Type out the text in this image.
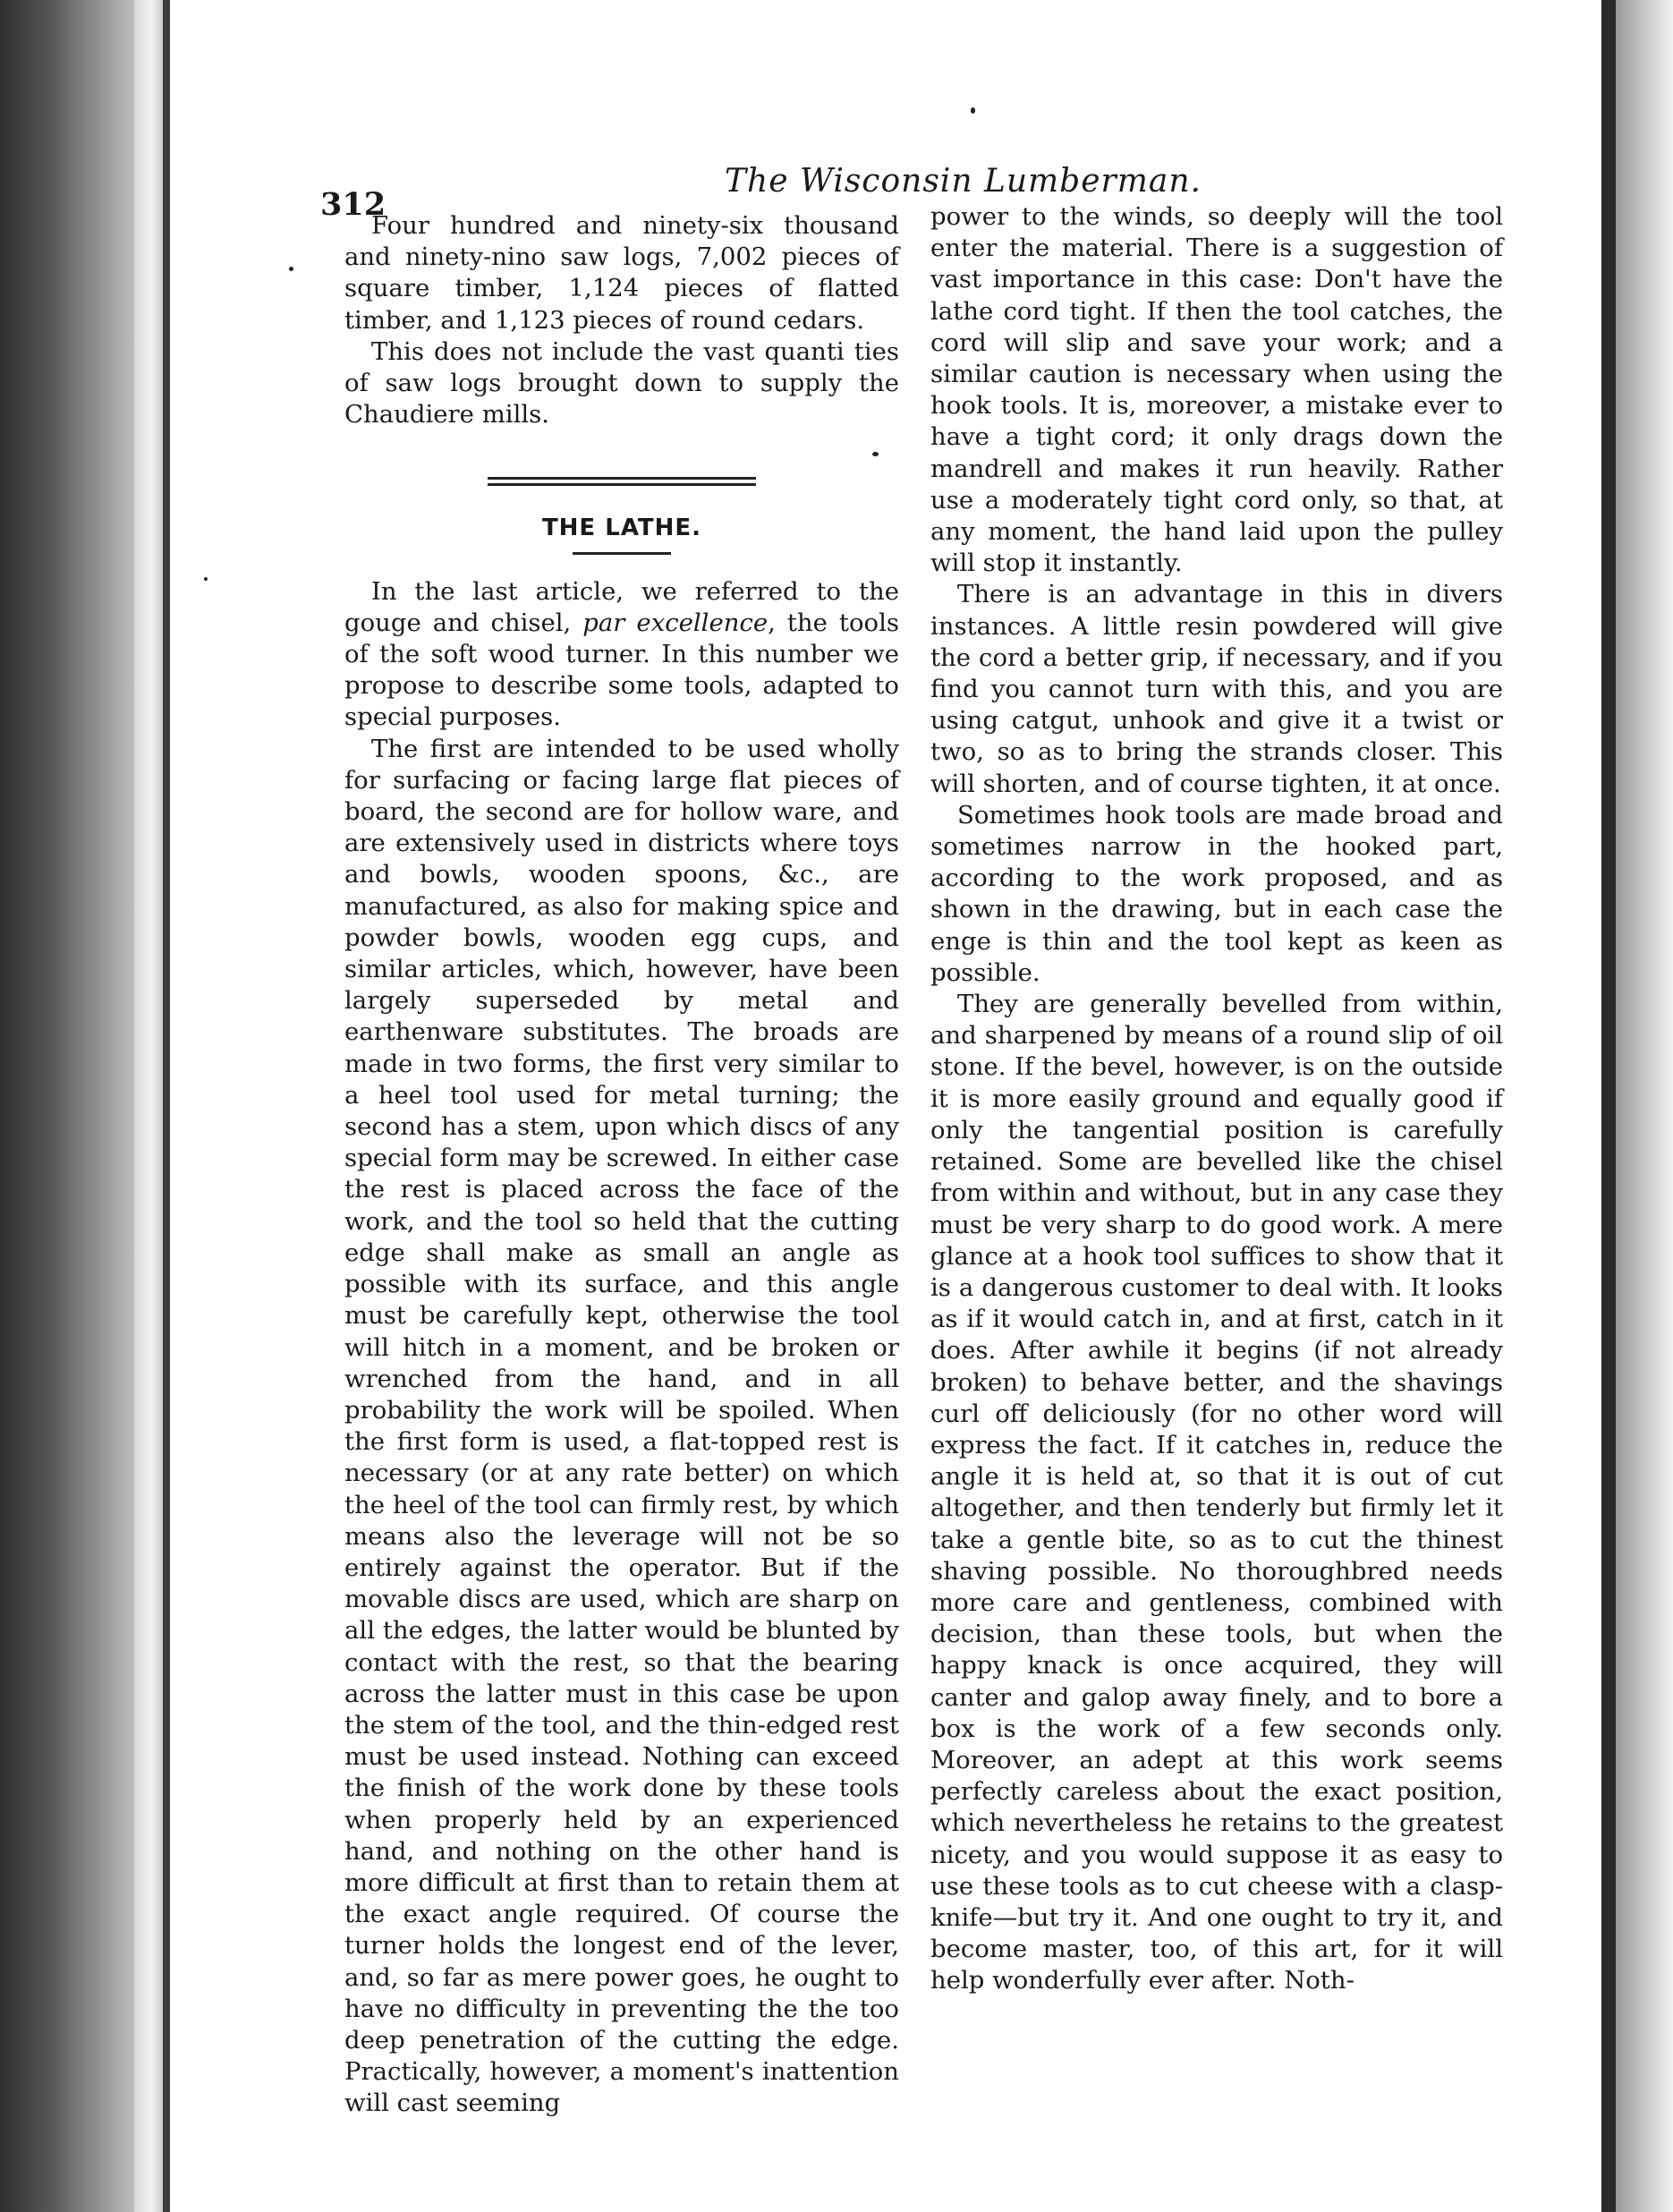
312
The Wisconsin Lumberman.

Four hundred and ninety-six thousand and ninety-nino saw logs, 7,002 pieces of square timber, 1,124 pieces of flatted timber, and 1,123 pieces of round cedars.

This does not include the vast quanti ties of saw logs brought down to supply the Chaudiere mills.

THE LATHE.

In the last article, we referred to the gouge and chisel, par excellence, the tools of the soft wood turner. In this number we propose to describe some tools, adapted to special purposes.

The first are intended to be used wholly for surfacing or facing large flat pieces of board, the second are for hollow ware, and are extensively used in districts where toys and bowls, wooden spoons, &c., are manufactured, as also for making spice and powder bowls, wooden egg cups, and similar articles, which, however, have been largely superseded by metal and earthenware substitutes. The broads are made in two forms, the first very similar to a heel tool used for metal turning; the second has a stem, upon which discs of any special form may be screwed. In either case the rest is placed across the face of the work, and the tool so held that the cutting edge shall make as small an angle as possible with its surface, and this angle must be carefully kept, otherwise the tool will hitch in a moment, and be broken or wrenched from the hand, and in all probability the work will be spoiled. When the first form is used, a flat-topped rest is necessary (or at any rate better) on which the heel of the tool can firmly rest, by which means also the leverage will not be so entirely against the operator. But if the movable discs are used, which are sharp on all the edges, the latter would be blunted by contact with the rest, so that the bearing across the latter must in this case be upon the stem of the tool, and the thin-edged rest must be used instead. Nothing can exceed the finish of the work done by these tools when properly held by an experienced hand, and nothing on the other hand is more difficult at first than to retain them at the exact angle required. Of course the turner holds the longest end of the lever, and, so far as mere power goes, he ought to have no difficulty in preventing the the too deep penetration of the cutting the edge. Practically, however, a moment's inattention will cast seeming

power to the winds, so deeply will the tool enter the material. There is a suggestion of vast importance in this case: Don't have the lathe cord tight. If then the tool catches, the cord will slip and save your work; and a similar caution is necessary when using the hook tools. It is, moreover, a mistake ever to have a tight cord; it only drags down the mandrell and makes it run heavily. Rather use a moderately tight cord only, so that, at any moment, the hand laid upon the pulley will stop it instantly.

There is an advantage in this in divers instances. A little resin powdered will give the cord a better grip, if necessary, and if you find you cannot turn with this, and you are using catgut, unhook and give it a twist or two, so as to bring the strands closer. This will shorten, and of course tighten, it at once.

Sometimes hook tools are made broad and sometimes narrow in the hooked part, according to the work proposed, and as shown in the drawing, but in each case the enge is thin and the tool kept as keen as possible.

They are generally bevelled from within, and sharpened by means of a round slip of oil stone. If the bevel, however, is on the outside it is more easily ground and equally good if only the tangential position is carefully retained. Some are bevelled like the chisel from within and without, but in any case they must be very sharp to do good work. A mere glance at a hook tool suffices to show that it is a dangerous customer to deal with. It looks as if it would catch in, and at first, catch in it does. After awhile it begins (if not already broken) to behave better, and the shavings curl off deliciously (for no other word will express the fact. If it catches in, reduce the angle it is held at, so that it is out of cut altogether, and then tenderly but firmly let it take a gentle bite, so as to cut the thinest shaving possible. No thoroughbred needs more care and gentleness, combined with decision, than these tools, but when the happy knack is once acquired, they will canter and galop away finely, and to bore a box is the work of a few seconds only. Moreover, an adept at this work seems perfectly careless about the exact position, which nevertheless he retains to the greatest nicety, and you would suppose it as easy to use these tools as to cut cheese with a clasp-knife—but try it. And one ought to try it, and become master, too, of this art, for it will help wonderfully ever after. Noth-
